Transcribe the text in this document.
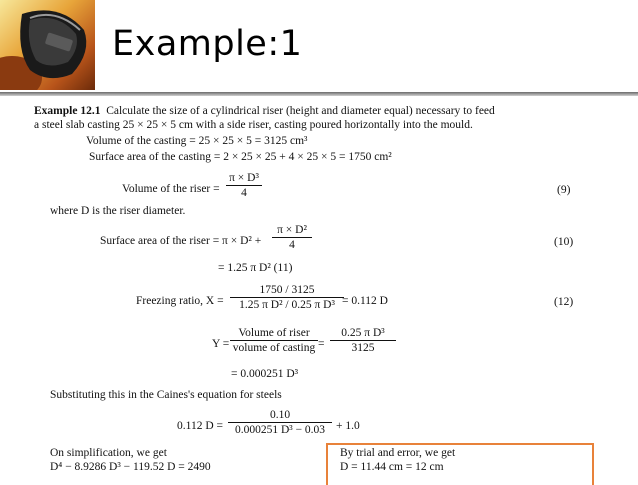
Example:1
Example 12.1 Calculate the size of a cylindrical riser (height and diameter equal) necessary to feed
a steel slab casting 25 × 25 × 5 cm with a side riser, casting poured horizontally into the mould.
Volume of the casting = 25 × 25 × 5 = 3125 cm³
Surface area of the casting = 2 × 25 × 25 + 4 × 25 × 5 = 1750 cm²
Volume of the riser = $\frac{\text{π × D³}}{4}$	(9)
where D is the riser diameter.
Surface area of the riser = $\pi \times D^2 + \frac{\text{π × D²}}{4}$	(10)
= 1.25 π D² (11)
Freezing ratio, $X = \frac{1750 / 3125}{\text{1.25 π D² / 0.25 π D³}}$
= 0.112 D	(12)
Y =
Volume of riser
volume of casting = $\frac{\text{0.25 π D³}}{3125}$
= 0.000251 D³
Substituting this in the Caines's equation for steels
0.112 $D = \frac{0.10}{\text{0.000251 D³ − 0.03}} + 1.0$
On simplification, we get
D⁴ − 8.9286 D³ − 119.52 D = 2490
By trial and error, we get
D = 11.44 cm = 12 cm
